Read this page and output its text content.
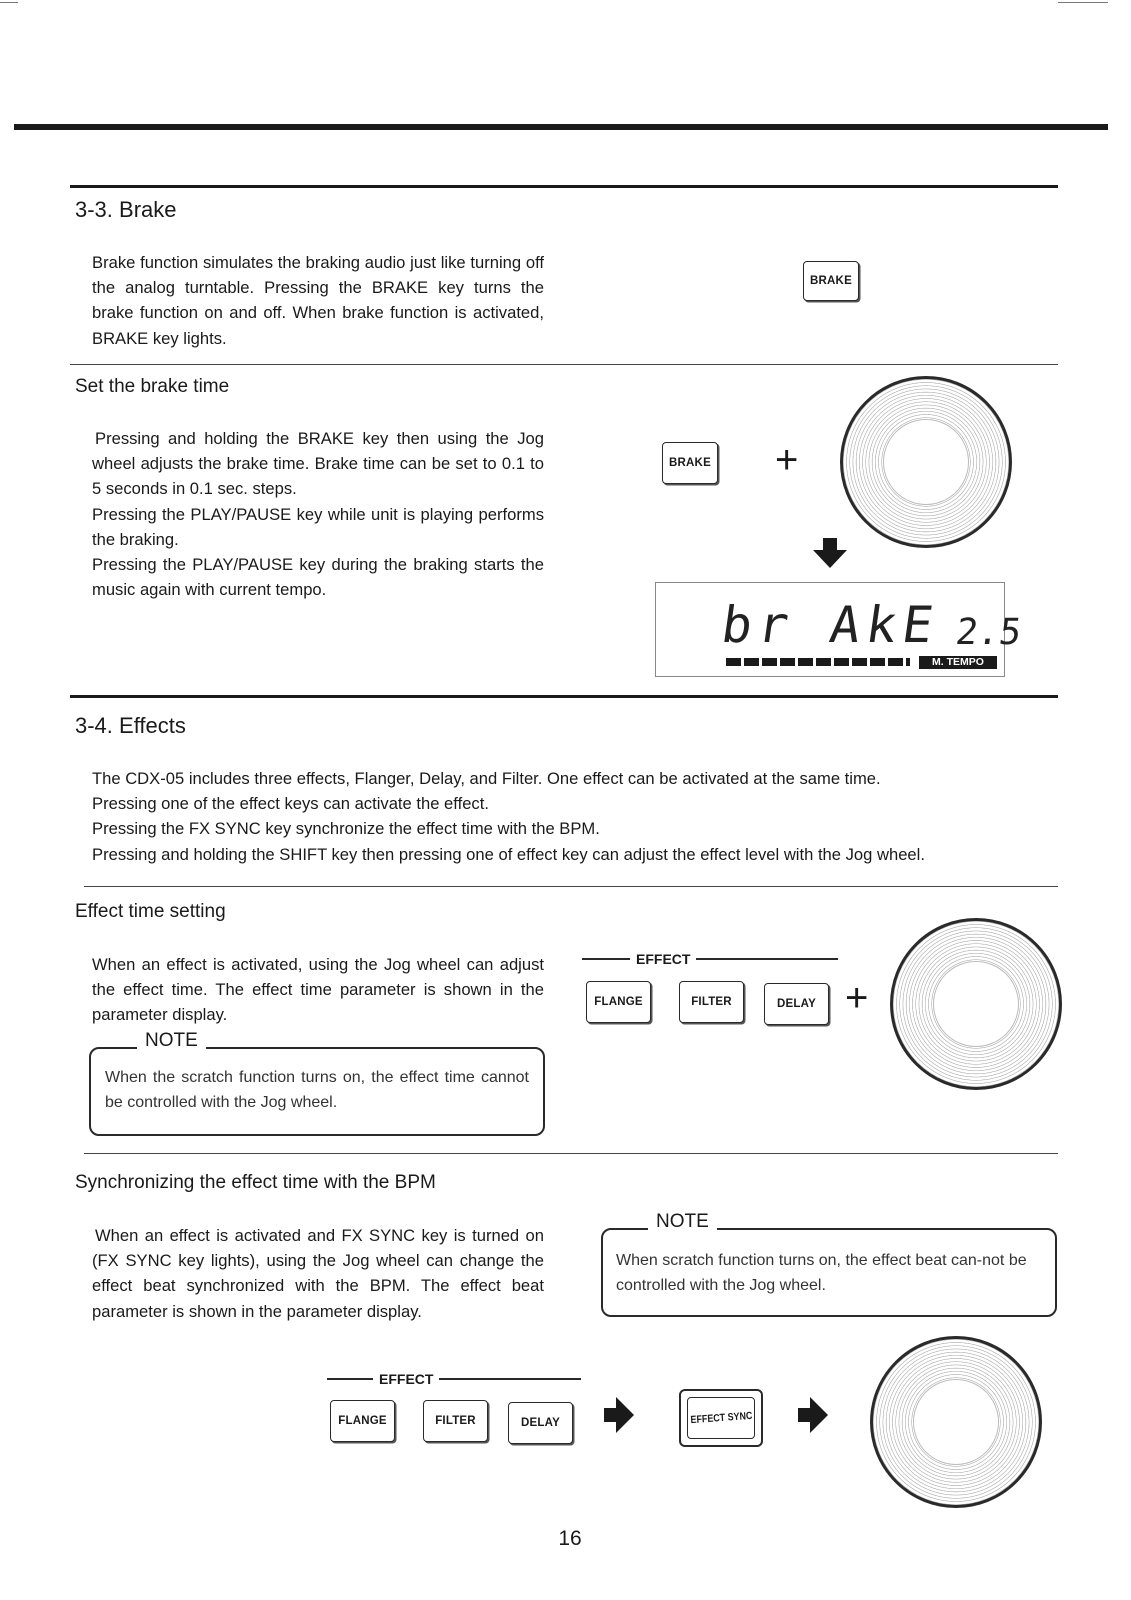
3-3. Brake

Brake function simulates the braking audio just like turning off the analog turntable. Pressing the BRAKE key turns the brake function on and off. When brake function is activated, BRAKE key lights.

BRAKE
Set the brake time

Pressing and holding the BRAKE key then using the Jog wheel adjusts the brake time. Brake time can be set to 0.1 to 5 seconds in 0.1 sec. steps.

Pressing the PLAY/PAUSE key while unit is playing performs the braking.

Pressing the PLAY/PAUSE key during the braking starts the music again with current tempo.

BRAKE +
br AkE 2.5
M. TEMPO
3-4. Effects

The CDX-05 includes three effects, Flanger, Delay, and Filter. One effect can be activated at the same time.

Pressing one of the effect keys can activate the effect.

Pressing the FX SYNC key synchronize the effect time with the BPM.

Pressing and holding the SHIFT key then pressing one of effect key can adjust the effect level with the Jog wheel.

Effect time setting

When an effect is activated, using the Jog wheel can adjust the effect time. The effect time parameter is shown in the parameter display.

NOTE
When the scratch function turns on, the effect time cannot be controlled with the Jog wheel.
EFFECT
FLANGE	FILTER	DELAY +
Synchronizing the effect time with the BPM

When an effect is activated and FX SYNC key is turned on (FX SYNC key lights), using the Jog wheel can change the effect beat synchronized with the BPM. The effect beat parameter is shown in the parameter display.

NOTE
When scratch function turns on, the effect beat can-not be controlled with the Jog wheel.
EFFECT
FLANGE	FILTER	DELAY	EFFECT SYNC
16
